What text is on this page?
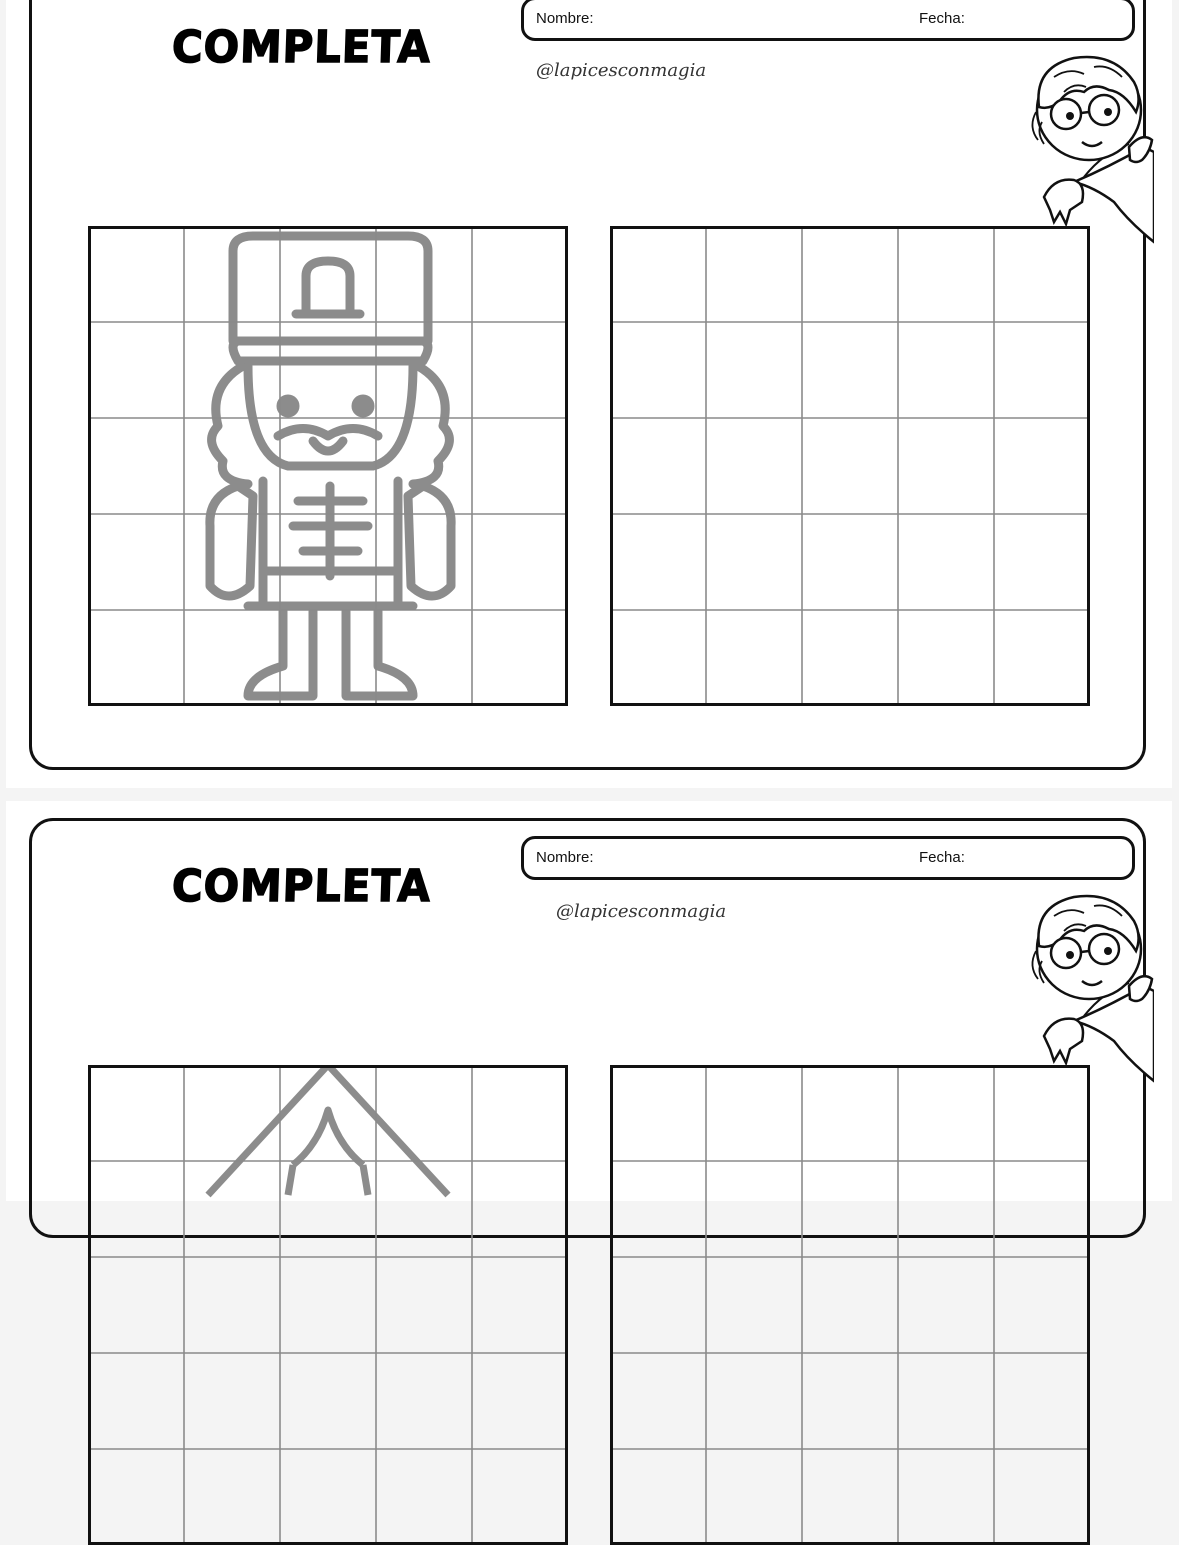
COMPLETA
Nombre:	Fecha:
@lapicesconmagia
COMPLETA
Nombre:	Fecha:
@lapicesconmagia
